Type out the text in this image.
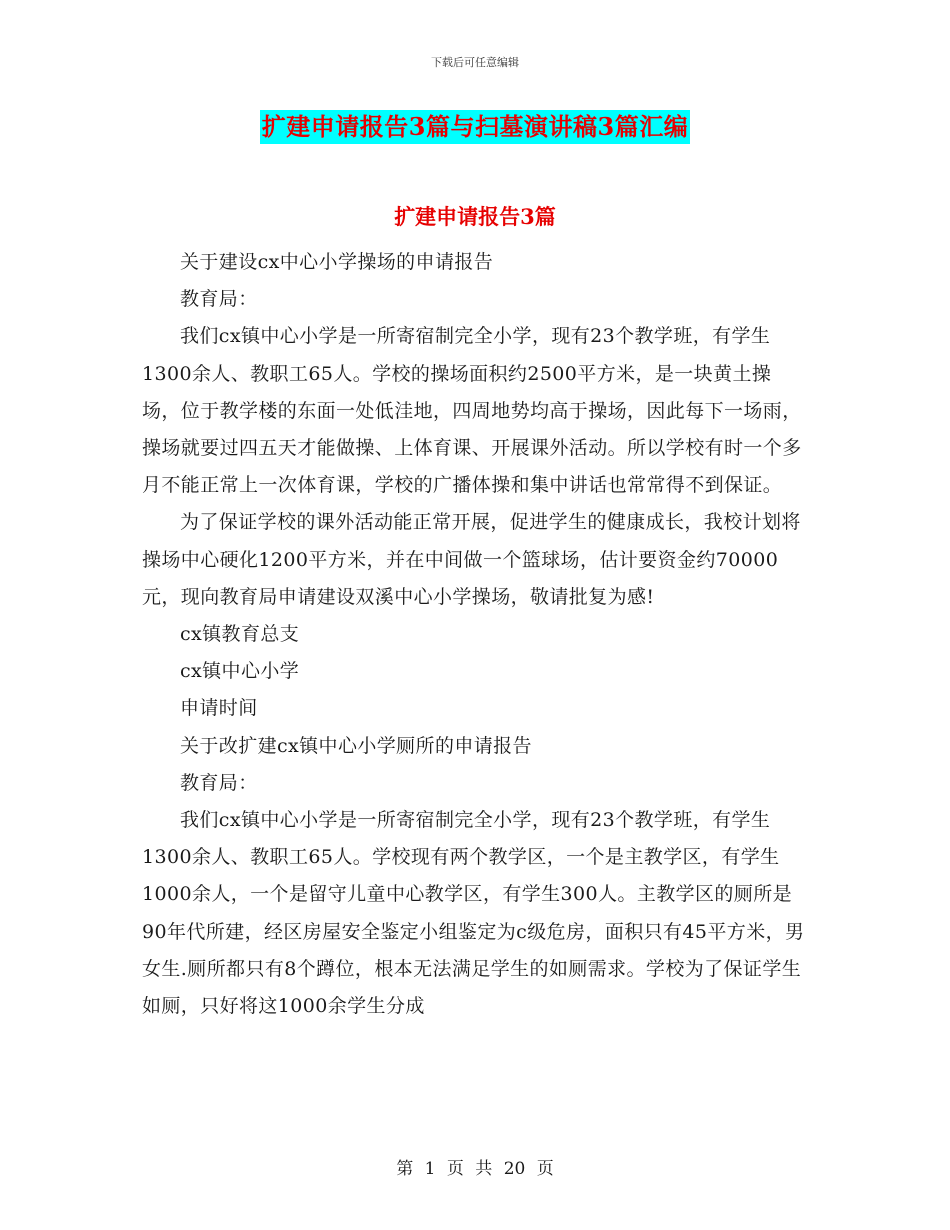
下载后可任意编辑
扩建申请报告3篇与扫墓演讲稿3篇汇编
扩建申请报告3篇

关于建设cx中心小学操场的申请报告

教育局：

我们cx镇中心小学是一所寄宿制完全小学，现有23个教学班，有学生1300余人、教职工65人。学校的操场面积约2500平方米，是一块黄土操场，位于教学楼的东面一处低洼地，四周地势均高于操场，因此每下一场雨，操场就要过四五天才能做操、上体育课、开展课外活动。所以学校有时一个多月不能正常上一次体育课，学校的广播体操和集中讲话也常常得不到保证。

为了保证学校的课外活动能正常开展，促进学生的健康成长，我校计划将操场中心硬化1200平方米，并在中间做一个篮球场，估计要资金约70000元，现向教育局申请建设双溪中心小学操场，敬请批复为感!

cx镇教育总支

cx镇中心小学

申请时间

关于改扩建cx镇中心小学厕所的申请报告

教育局：

我们cx镇中心小学是一所寄宿制完全小学，现有23个教学班，有学生1300余人、教职工65人。学校现有两个教学区，一个是主教学区，有学生1000余人，一个是留守儿童中心教学区，有学生300人。主教学区的厕所是90年代所建，经区房屋安全鉴定小组鉴定为c级危房，面积只有45平方米，男女生.厕所都只有8个蹲位，根本无法满足学生的如厕需求。学校为了保证学生如厕，只好将这1000余学生分成

第 1 页 共 20 页
